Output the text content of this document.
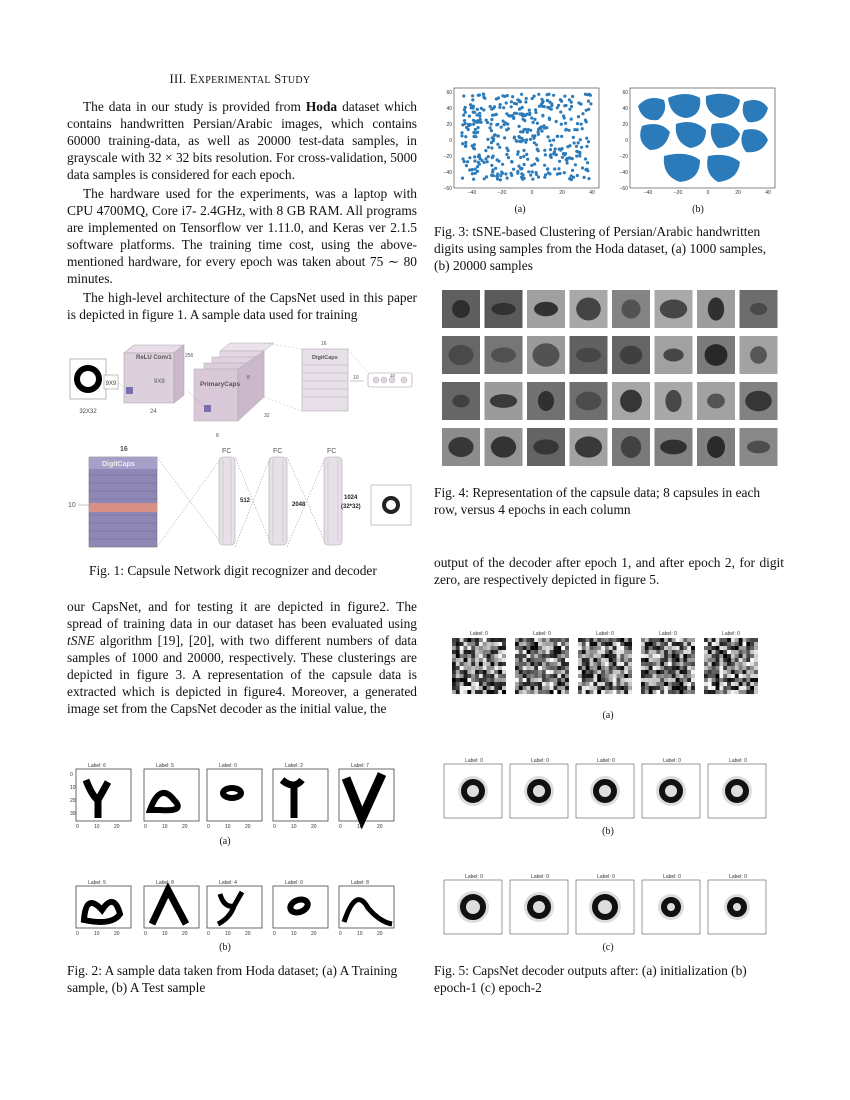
III. EXPERIMENTAL STUDY

The data in our study is provided from Hoda dataset which contains handwritten Persian/Arabic images, which contains 60000 training-data, as well as 20000 test-data samples, in grayscale with 32 × 32 bits resolution. For cross-validation, 5000 data samples is considered for each epoch.

The hardware used for the experiments, was a laptop with CPU 4700MQ, Core i7- 2.4GHz, with 8 GB RAM. All programs are implemented on Tensorflow ver 1.11.0, and Keras ver 2.1.5 software platforms. The training time cost, using the above-mentioned hardware, for every epoch was taken about 75 ∼ 80 minutes.

The high-level architecture of the CapsNet used in this paper is depicted in figure 1. A sample data used for training

9X9
32X32
ReLU Conv1
9X9
256
24
PrimaryCaps
8
32
8
DigitCaps
16
10	10
16
DigitCaps
10
FC	FC	FC
512
2048
1024
(32*32)
Fig. 1: Capsule Network digit recognizer and decoder

our CapsNet, and for testing it are depicted in figure2. The spread of training data in our dataset has been evaluated using tSNE algorithm [19], [20], with two different numbers of data samples of 1000 and 20000, respectively. These clusterings are depicted in figure 3. A representation of the capsule data is extracted which is depicted in figure4. Moreover, a generated image set from the CapsNet decoder as the initial value, the

Label: 6	Label: 5	Label: 0	Label: 2	Label: 7
0
10
20
30
0	10	20	0	10	20	0	10	20	0	10	20	0	10	20
(a)
Label: 5	Label: 8	Label: 4	Label: 0	Label: 8
0	10	20	0	10	20	0	10	20	0	10	20	0	10	20
(b)
Fig. 2: A sample data taken from Hoda dataset; (a) A Training sample, (b) A Test sample
60
40
20
0
−20
−40
−60
−40	−20	0	20	40
60
40
20
0
−20
−40
−60
−40	−20	0	20	40
(a)	(b)
Fig. 3: tSNE-based Clustering of Persian/Arabic handwritten digits using samples from the Hoda dataset, (a) 1000 samples, (b) 20000 samples
Fig. 4: Representation of the capsule data; 8 capsules in each row, versus 4 epochs in each column

output of the decoder after epoch 1, and after epoch 2, for digit zero, are respectively depicted in figure 5.

Label: 0	Label: 0	Label: 0	Label: 0	Label: 0
(a)
Label: 0	Label: 0	Label: 0	Label: 0	Label: 0
(b)
Label: 0	Label: 0	Label: 0	Label: 0	Label: 0
(c)
Fig. 5: CapsNet decoder outputs after: (a) initialization (b) epoch-1 (c) epoch-2
